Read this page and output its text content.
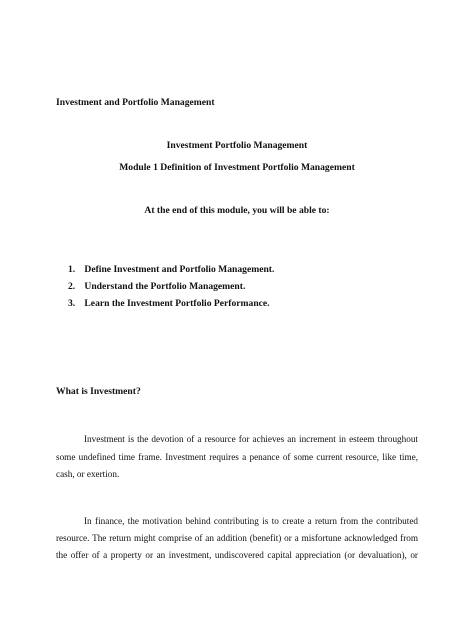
Investment and Portfolio Management
Investment Portfolio Management
Module 1 Definition of Investment Portfolio Management
At the end of this module, you will be able to:
1. Define Investment and Portfolio Management.
2. Understand the Portfolio Management.
3. Learn the Investment Portfolio Performance.
What is Investment?
Investment is the devotion of a resource for achieves an increment in esteem throughout
some undefined time frame. Investment requires a penance of some current resource, like time,
cash, or exertion.
In finance, the motivation behind contributing is to create a return from the contributed
resource. The return might comprise of an addition (benefit) or a misfortune acknowledged from
the offer of a property or an investment, undiscovered capital appreciation (or devaluation), or
